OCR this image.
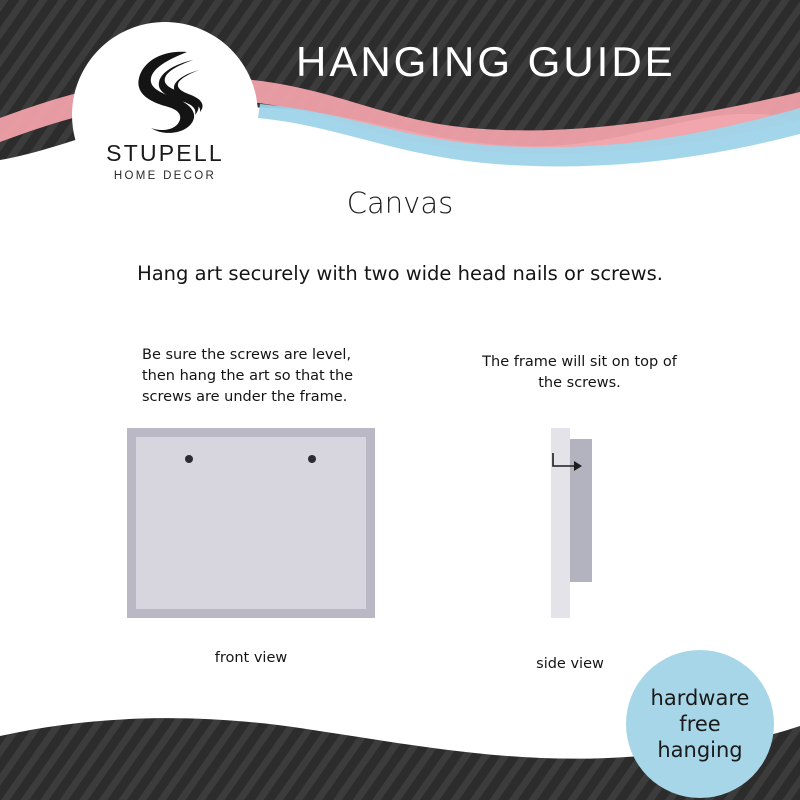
HANGING GUIDE
STUPELL
HOME DECOR
Canvas
Hang art securely with two wide head nails or screws.
Be sure the screws are level, then hang the art so that the screws are under the frame.
The frame will sit on top of the screws.
front view	side view
hardware
free
hanging
